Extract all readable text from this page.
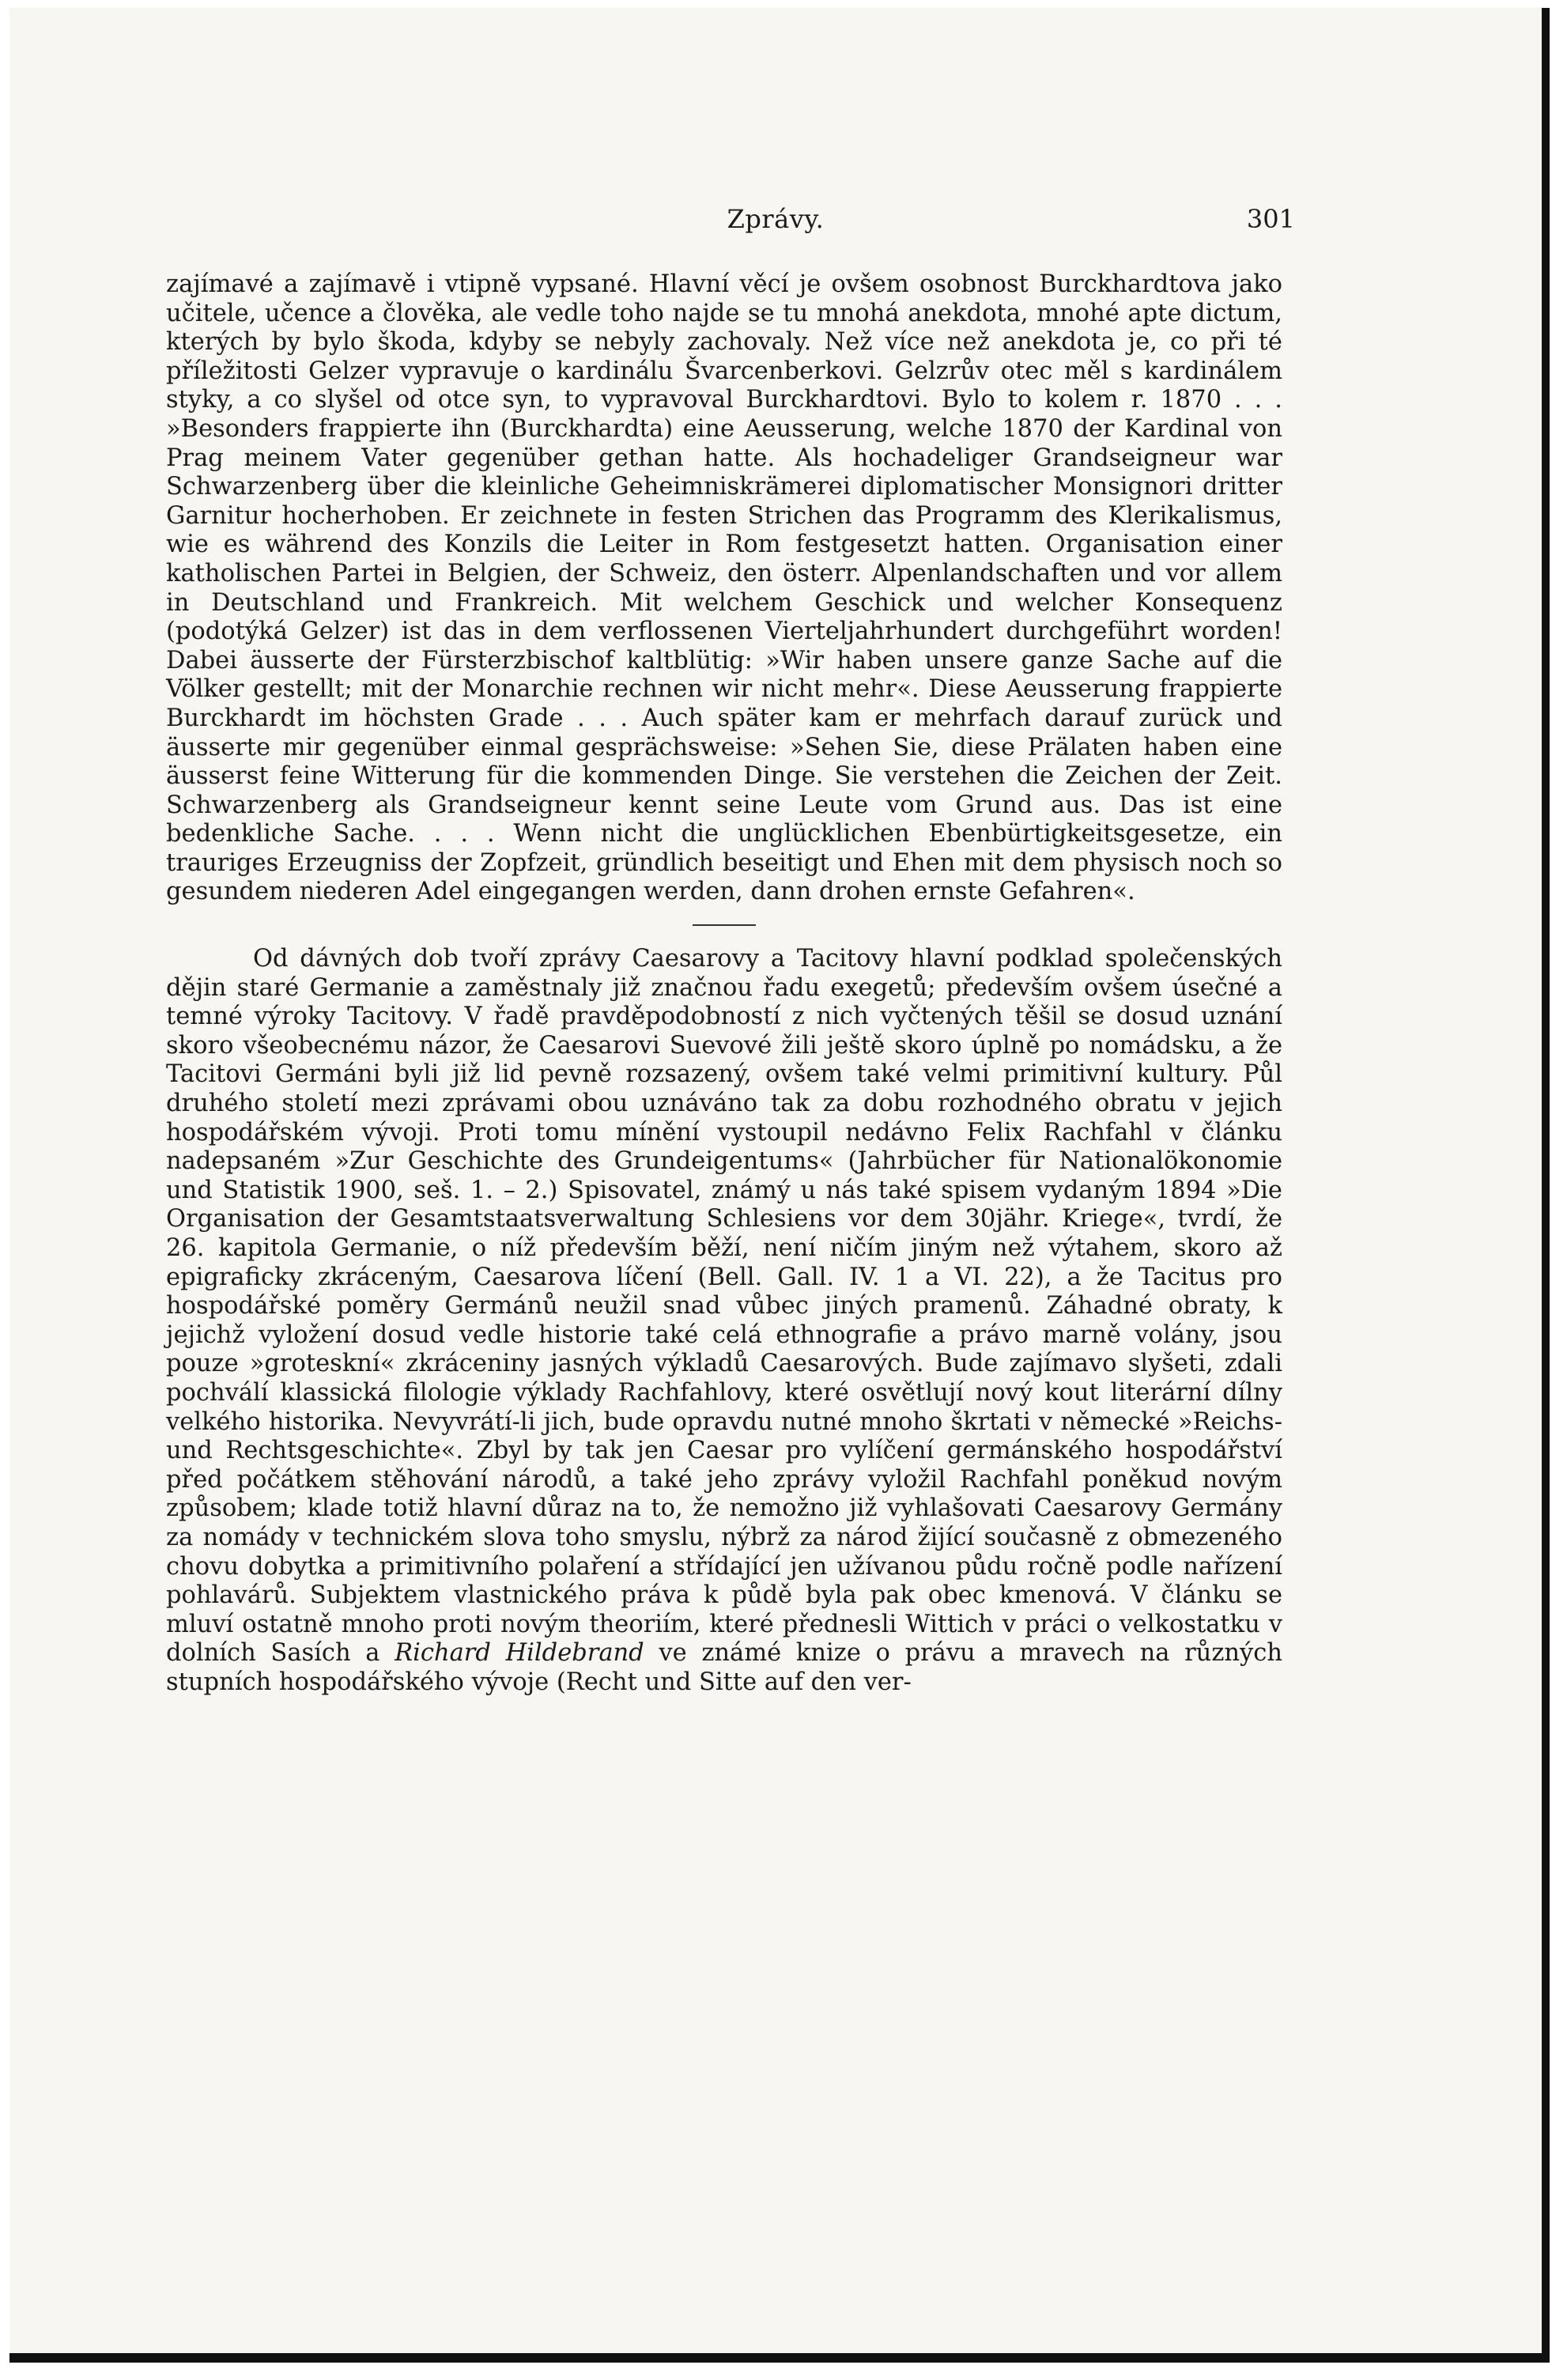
Zprávy.	301

zajímavé a zajímavě i vtipně vypsané. Hlavní věcí je ovšem osobnost Burckhardtova jako učitele, učence a člověka, ale vedle toho najde se tu mnohá anekdota, mnohé apte dictum, kterých by bylo škoda, kdyby se nebyly zachovaly. Než více než anekdota je, co při té příležitosti Gelzer vypravuje o kardinálu Švarcenberkovi. Gelzrův otec měl s kardinálem styky, a co slyšel od otce syn, to vypravoval Burckhardtovi. Bylo to kolem r. 1870 . . . »Besonders frappierte ihn (Burckhardta) eine Aeusserung, welche 1870 der Kardinal von Prag meinem Vater gegenüber gethan hatte. Als hochadeliger Grandseigneur war Schwarzenberg über die kleinliche Geheimniskrämerei diplomatischer Monsignori dritter Garnitur hocherhoben. Er zeichnete in festen Strichen das Programm des Klerikalismus, wie es während des Konzils die Leiter in Rom festgesetzt hatten. Organisation einer katholischen Partei in Belgien, der Schweiz, den österr. Alpenlandschaften und vor allem in Deutschland und Frankreich. Mit welchem Geschick und welcher Konsequenz (podotýká Gelzer) ist das in dem verflossenen Vierteljahrhundert durchgeführt worden! Dabei äusserte der Fürsterzbischof kaltblütig: »Wir haben unsere ganze Sache auf die Völker gestellt; mit der Monarchie rechnen wir nicht mehr«. Diese Aeusserung frappierte Burckhardt im höchsten Grade . . . Auch später kam er mehrfach darauf zurück und äusserte mir gegenüber einmal gesprächsweise: »Sehen Sie, diese Prälaten haben eine äusserst feine Witterung für die kommenden Dinge. Sie verstehen die Zeichen der Zeit. Schwarzenberg als Grandseigneur kennt seine Leute vom Grund aus. Das ist eine bedenkliche Sache. . . . Wenn nicht die unglücklichen Ebenbürtigkeitsgesetze, ein trauriges Erzeugniss der Zopfzeit, gründlich beseitigt und Ehen mit dem physisch noch so gesundem niederen Adel eingegangen werden, dann drohen ernste Gefahren«.

Od dávných dob tvoří zprávy Caesarovy a Tacitovy hlavní podklad společenských dějin staré Germanie a zaměstnaly již značnou řadu exegetů; především ovšem úsečné a temné výroky Tacitovy. V řadě pravděpodobností z nich vyčtených těšil se dosud uznání skoro všeobecnému názor, že Caesarovi Suevové žili ještě skoro úplně po nomádsku, a že Tacitovi Germáni byli již lid pevně rozsazený, ovšem také velmi primitivní kultury. Půl druhého století mezi zprávami obou uznáváno tak za dobu rozhodného obratu v jejich hospodářském vývoji. Proti tomu mínění vystoupil nedávno Felix Rachfahl v článku nadepsaném »Zur Geschichte des Grundeigentums« (Jahrbücher für Nationalökonomie und Statistik 1900, seš. 1. – 2.) Spisovatel, známý u nás také spisem vydaným 1894 »Die Organisation der Gesamtstaatsverwaltung Schlesiens vor dem 30jähr. Kriege«, tvrdí, že 26. kapitola Germanie, o níž především běží, není ničím jiným než výtahem, skoro až epigraficky zkráceným, Caesarova líčení (Bell. Gall. IV. 1 a VI. 22), a že Tacitus pro hospodářské poměry Germánů neužil snad vůbec jiných pramenů. Záhadné obraty, k jejichž vyložení dosud vedle historie také celá ethnografie a právo marně volány, jsou pouze »groteskní« zkráceniny jasných výkladů Caesarových. Bude zajímavo slyšeti, zdali pochválí klassická filologie výklady Rachfahlovy, které osvětlují nový kout literární dílny velkého historika. Nevyvrátí-li jich, bude opravdu nutné mnoho škrtati v německé »Reichs- und Rechtsgeschichte«. Zbyl by tak jen Caesar pro vylíčení germánského hospodářství před počátkem stěhování národů, a také jeho zprávy vyložil Rachfahl poněkud novým způsobem; klade totiž hlavní důraz na to, že nemožno již vyhlašovati Caesarovy Germány za nomády v technickém slova toho smyslu, nýbrž za národ žijící současně z obmezeného chovu dobytka a primitivního polaření a střídající jen užívanou půdu ročně podle nařízení pohlavárů. Subjektem vlastnického práva k půdě byla pak obec kmenová. V článku se mluví ostatně mnoho proti novým theoriím, které přednesli Wittich v práci o velkostatku v dolních Sasích a Richard Hildebrand ve známé knize o právu a mravech na různých stupních hospodářského vývoje (Recht und Sitte auf den ver-
